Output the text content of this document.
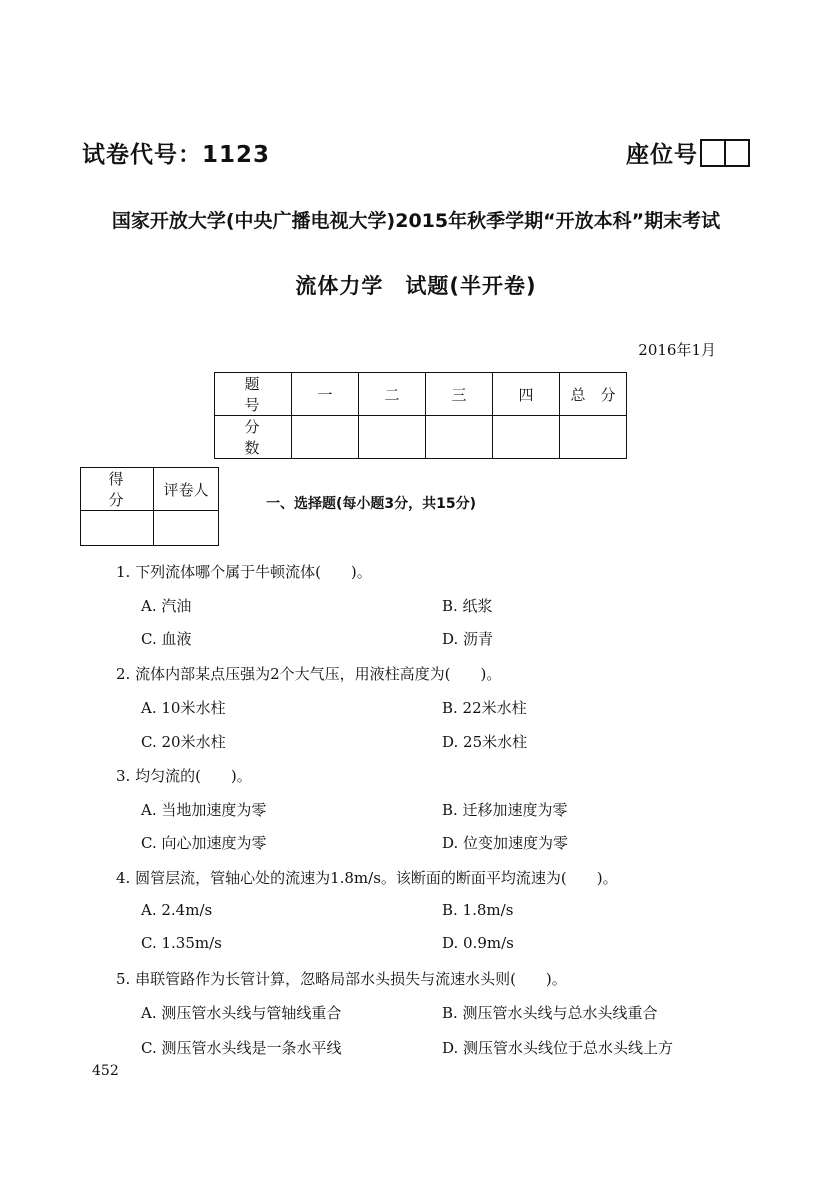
试卷代号：1123	座位号
国家开放大学(中央广播电视大学)2015年秋季学期“开放本科”期末考试
流体力学　试题(半开卷)
2016年1月
题　号	一	二	三	四	总　分
分　数					
得　分	评卷人

一、选择题(每小题3分，共15分)
1. 下列流体哪个属于牛顿流体(　　)。
A. 汽油	B. 纸浆
C. 血液	D. 沥青
2. 流体内部某点压强为2个大气压，用液柱高度为(　　)。
A. 10米水柱	B. 22米水柱
C. 20米水柱	D. 25米水柱
3. 均匀流的(　　)。
A. 当地加速度为零	B. 迁移加速度为零
C. 向心加速度为零	D. 位变加速度为零
4. 圆管层流，管轴心处的流速为1.8m/s。该断面的断面平均流速为(　　)。
A. 2.4m/s	B. 1.8m/s
C. 1.35m/s	D. 0.9m/s
5. 串联管路作为长管计算，忽略局部水头损失与流速水头则(　　)。
A. 测压管水头线与管轴线重合	B. 测压管水头线与总水头线重合
C. 测压管水头线是一条水平线	D. 测压管水头线位于总水头线上方
452
